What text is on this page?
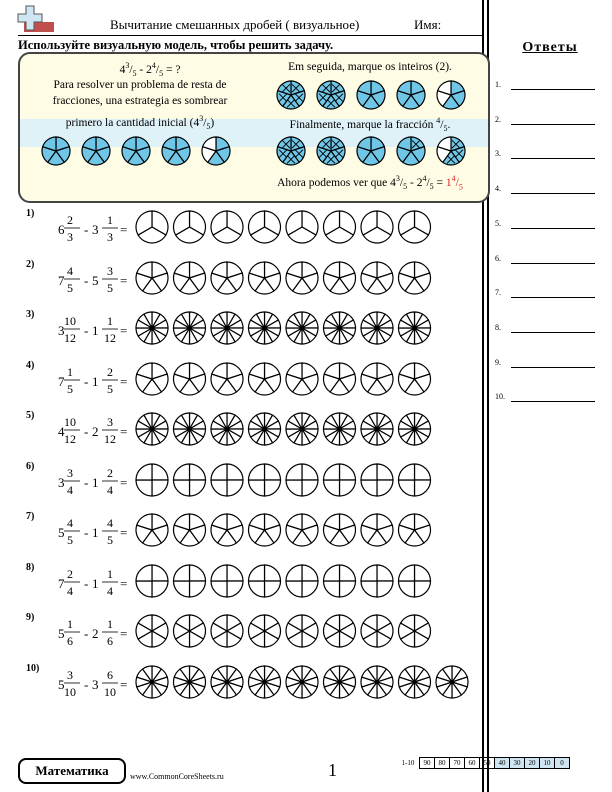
Вычитание смешанных дробей ( визуальное)	Имя:
Используйте визуальную модель, чтобы решить задачу.	Ответы
1.
2.
3.
4.
5.
6.
7.
8.
9.
10.
$4^3/_5 - 2^4/_5$ = ?
Para resolver un problema de resta de
fracciones, una estrategia es sombrear
primero la cantidad inicial $(4^3/_5)$
Em seguida, marque os inteiros (2).
Finalmente, marque la fracción $^4/_5$.
Ahora podemos ver que $4^3/_5 - 2^4/_5 = 1^4/_5$
1)
6
2
3 - 3
1
3 =
2)
7
4
5 - 5
3
5 =
3)
3
10
12 - 1
1
12 =
4)
7
1
5 - 1
2
5 =
5)
4
10
12 - 2
3
12 =
6)
3
3
4 - 1
2
4 =
7)
5
4
5 - 1
4
5 =
8)
7
2
4 - 1
1
4 =
9)
5
1
6 - 2
1
6 =
10)
5
3
10 - 3
6
10 =
Математика	www.CommonCoreSheets.ru	1	1-10	90	80	70	60	50	40	30	20	10	0
